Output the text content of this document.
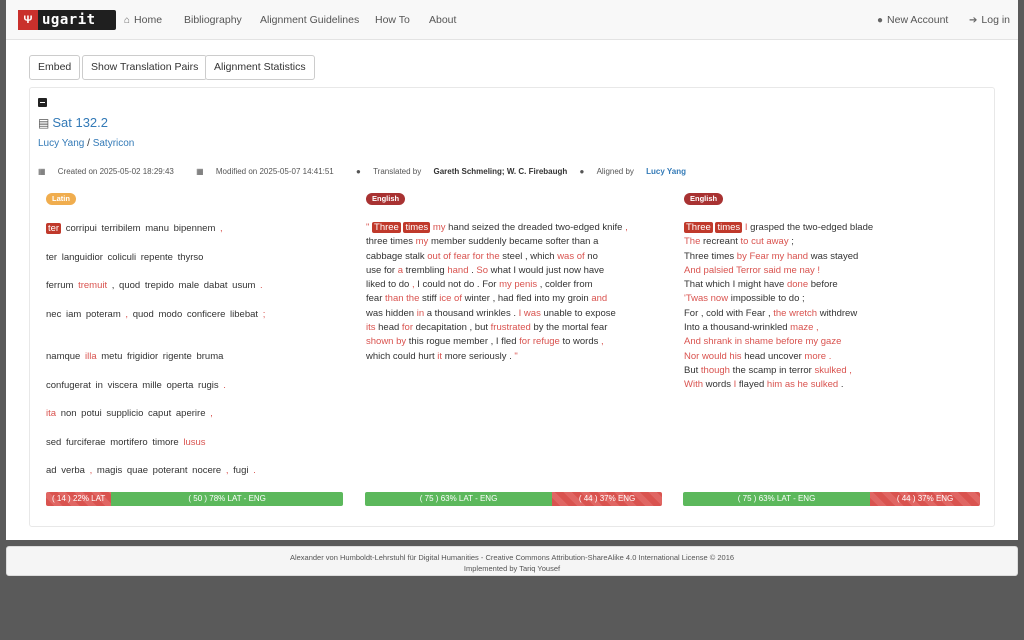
Ψ ugarit	⌂ Home Bibliography Alignment Guidelines How To About	● New Account ➔ Log in
Embed	Show Translation Pairs	Alignment Statistics
▤ Sat 132.2
Lucy Yang / Satyricon
▦ Created on 2025-05-02 18:29:43	▦ Modified on 2025-05-07 14:41:51	● Translated by Gareth Schmeling; W. C. Firebaugh ● Aligned by Lucy Yang
Latin	English	English
ter corripui terribilem manu bipennem ,
ter languidior coliculi repente thyrso
ferrum tremuit , quod trepido male dabat usum .
nec iam poteram , quod modo conficere libebat ;
namque illa metu frigidior rigente bruma
confugerat in viscera mille operta rugis .
ita non potui supplicio caput aperire ,
sed furciferae mortifero timore lusus
ad verba , magis quae poterant nocere , fugi .
" Three times my hand seized the dreaded two-edged knife ,
three times my member suddenly became softer than a
cabbage stalk out of fear for the steel , which was of no
use for a trembling hand . So what I would just now have
liked to do , I could not do . For my penis , colder from
fear than the stiff ice of winter , had fled into my groin and
was hidden in a thousand wrinkles . I was unable to expose
its head for decapitation , but frustrated by the mortal fear
shown by this rogue member , I fled for refuge to words ,
which could hurt it more seriously . "
Three times I grasped the two-edged blade
The recreant to cut away ;
Three times by Fear my hand was stayed
And palsied Terror said me nay !
That which I might have done before
'Twas now impossible to do ;
For , cold with Fear , the wretch withdrew
Into a thousand-wrinkled maze ,
And shrank in shame before my gaze
Nor would his head uncover more .
But though the scamp in terror skulked ,
With words I flayed him as he sulked .
( 14 ) 22% LAT	( 50 ) 78% LAT - ENG	( 75 ) 63% LAT - ENG	( 44 ) 37% ENG	( 75 ) 63% LAT - ENG	( 44 ) 37% ENG
Alexander von Humboldt-Lehrstuhl für Digital Humanities - Creative Commons Attribution-ShareAlike 4.0 International License © 2016
Implemented by Tariq Yousef
